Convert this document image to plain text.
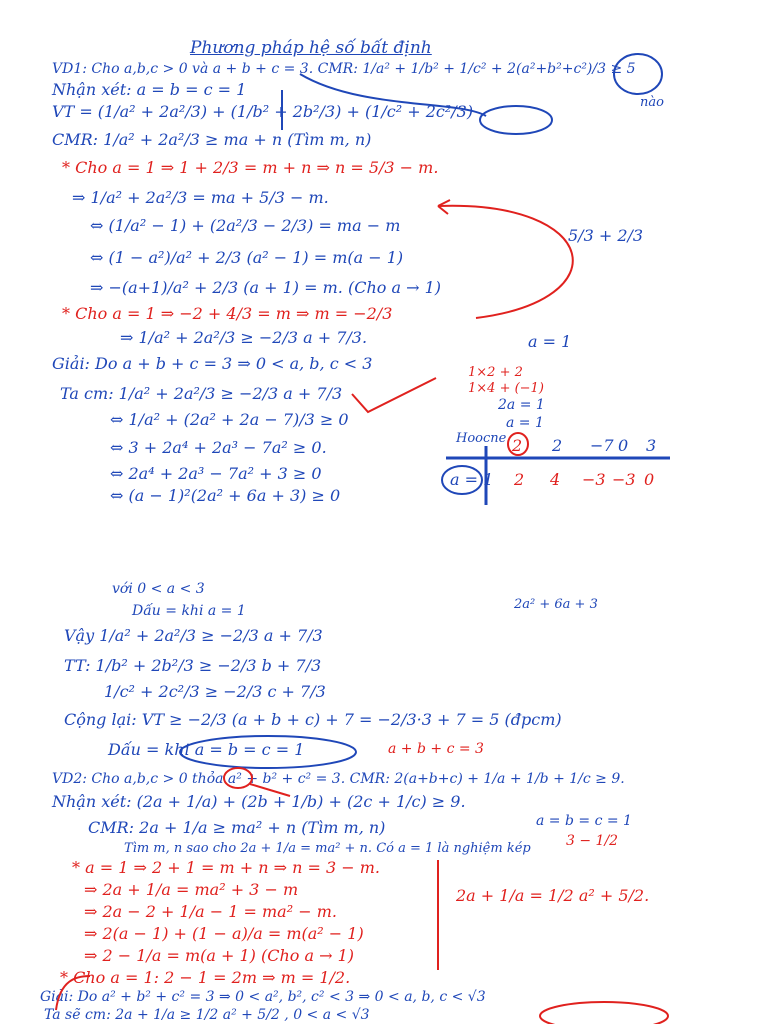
Phương pháp hệ số bất định
VD1: Cho a,b,c > 0 và a + b + c = 3. CMR: 1/a² + 1/b² + 1/c² + 2(a²+b²+c²)/3 ≥ 5
Nhận xét: a = b = c = 1
VT = (1/a² + 2a²/3) + (1/b² + 2b²/3) + (1/c² + 2c²/3)
CMR: 1/a² + 2a²/3 ≥ ma + n (Tìm m, n)
* Cho a = 1 ⇒ 1 + 2/3 = m + n ⇒ n = 5/3 − m.
⇒ 1/a² + 2a²/3 = ma + 5/3 − m.
⇔ (1/a² − 1) + (2a²/3 − 2/3) = ma − m
⇔ (1 − a²)/a² + 2/3 (a² − 1) = m(a − 1)
⇒ −(a+1)/a² + 2/3 (a + 1) = m. (Cho a → 1)
* Cho a = 1 ⇒ −2 + 4/3 = m ⇒ m = −2/3
⇒ 1/a² + 2a²/3 ≥ −2/3 a + 7/3.
Giải: Do a + b + c = 3 ⇒ 0 < a, b, c < 3
Ta cm: 1/a² + 2a²/3 ≥ −2/3 a + 7/3
⇔ 1/a² + (2a² + 2a − 7)/3 ≥ 0
⇔ 3 + 2a⁴ + 2a³ − 7a² ≥ 0.
⇔ 2a⁴ + 2a³ − 7a² + 3 ≥ 0
⇔ (a − 1)²(2a² + 6a + 3) ≥ 0
nào
5/3 + 2/3
a = 1
1×2 + 2
1×4 + (−1)
2a = 1
a = 1
Hoocne 2 2 −7 0 3
a = 1 2 4 −3 −3 0
với 0 < a < 3
Dấu = khi a = 1
Vậy 1/a² + 2a²/3 ≥ −2/3 a + 7/3
TT: 1/b² + 2b²/3 ≥ −2/3 b + 7/3
1/c² + 2c²/3 ≥ −2/3 c + 7/3
Cộng lại: VT ≥ −2/3 (a + b + c) + 7 = −2/3·3 + 7 = 5 (đpcm)
Dấu = khi a = b = c = 1
VD2: Cho a,b,c > 0 thỏa a² + b² + c² = 3. CMR: 2(a+b+c) + 1/a + 1/b + 1/c ≥ 9.
Nhận xét: (2a + 1/a) + (2b + 1/b) + (2c + 1/c) ≥ 9.
CMR: 2a + 1/a ≥ ma² + n (Tìm m, n)
Tìm m, n sao cho 2a + 1/a = ma² + n. Có a = 1 là nghiệm kép
* a = 1 ⇒ 2 + 1 = m + n ⇒ n = 3 − m.
⇒ 2a + 1/a = ma² + 3 − m
⇒ 2a − 2 + 1/a − 1 = ma² − m.
⇒ 2(a − 1) + (1 − a)/a = m(a² − 1)
⇒ 2 − 1/a = m(a + 1) (Cho a → 1)
* Cho a = 1: 2 − 1 = 2m ⇒ m = 1/2.
Giải: Do a² + b² + c² = 3 ⇒ 0 < a², b², c² < 3 ⇒ 0 < a, b, c < √3
Ta sẽ cm: 2a + 1/a ≥ 1/2 a² + 5/2 , 0 < a < √3
2a² + 6a + 3
a + b + c = 3
a = b = c = 1
3 − 1/2
2a + 1/a = 1/2 a² + 5/2.
